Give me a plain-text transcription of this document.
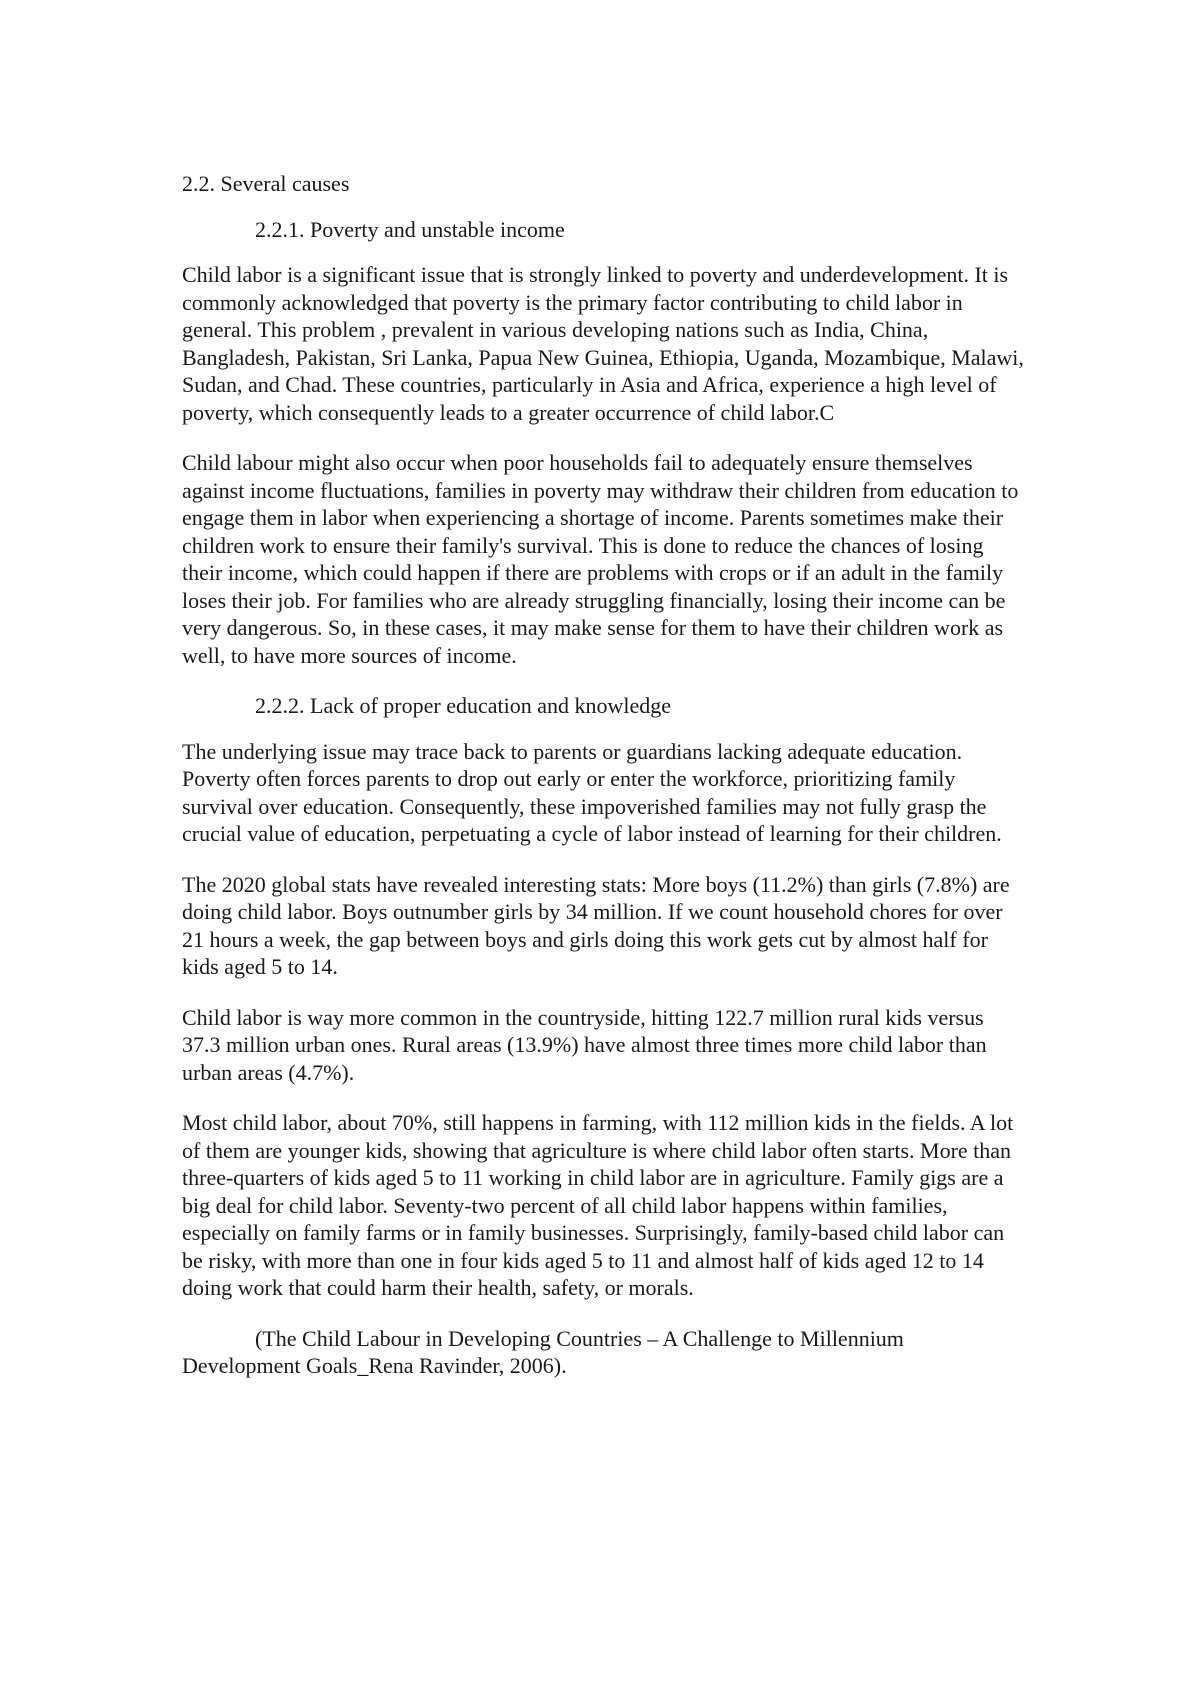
2.2. Several causes
2.2.1. Poverty and unstable income

Child labor is a significant issue that is strongly linked to poverty and underdevelopment. It is commonly acknowledged that poverty is the primary factor contributing to child labor in general. This problem , prevalent in various developing nations such as India, China, Bangladesh, Pakistan, Sri Lanka, Papua New Guinea, Ethiopia, Uganda, Mozambique, Malawi, Sudan, and Chad. These countries, particularly in Asia and Africa, experience a high level of poverty, which consequently leads to a greater occurrence of child labor.C

Child labour might also occur when poor households fail to adequately ensure themselves against income fluctuations, families in poverty may withdraw their children from education to engage them in labor when experiencing a shortage of income. Parents sometimes make their children work to ensure their family's survival. This is done to reduce the chances of losing their income, which could happen if there are problems with crops or if an adult in the family loses their job. For families who are already struggling financially, losing their income can be very dangerous. So, in these cases, it may make sense for them to have their children work as well, to have more sources of income.

2.2.2. Lack of proper education and knowledge

The underlying issue may trace back to parents or guardians lacking adequate education. Poverty often forces parents to drop out early or enter the workforce, prioritizing family survival over education. Consequently, these impoverished families may not fully grasp the crucial value of education, perpetuating a cycle of labor instead of learning for their children.

The 2020 global stats have revealed interesting stats: More boys (11.2%) than girls (7.8%) are doing child labor. Boys outnumber girls by 34 million. If we count household chores for over 21 hours a week, the gap between boys and girls doing this work gets cut by almost half for kids aged 5 to 14.

Child labor is way more common in the countryside, hitting 122.7 million rural kids versus 37.3 million urban ones. Rural areas (13.9%) have almost three times more child labor than urban areas (4.7%).

Most child labor, about 70%, still happens in farming, with 112 million kids in the fields. A lot of them are younger kids, showing that agriculture is where child labor often starts. More than three-quarters of kids aged 5 to 11 working in child labor are in agriculture. Family gigs are a big deal for child labor. Seventy-two percent of all child labor happens within families, especially on family farms or in family businesses. Surprisingly, family-based child labor can be risky, with more than one in four kids aged 5 to 11 and almost half of kids aged 12 to 14 doing work that could harm their health, safety, or morals.

(The Child Labour in Developing Countries – A Challenge to Millennium Development Goals_Rena Ravinder, 2006).
